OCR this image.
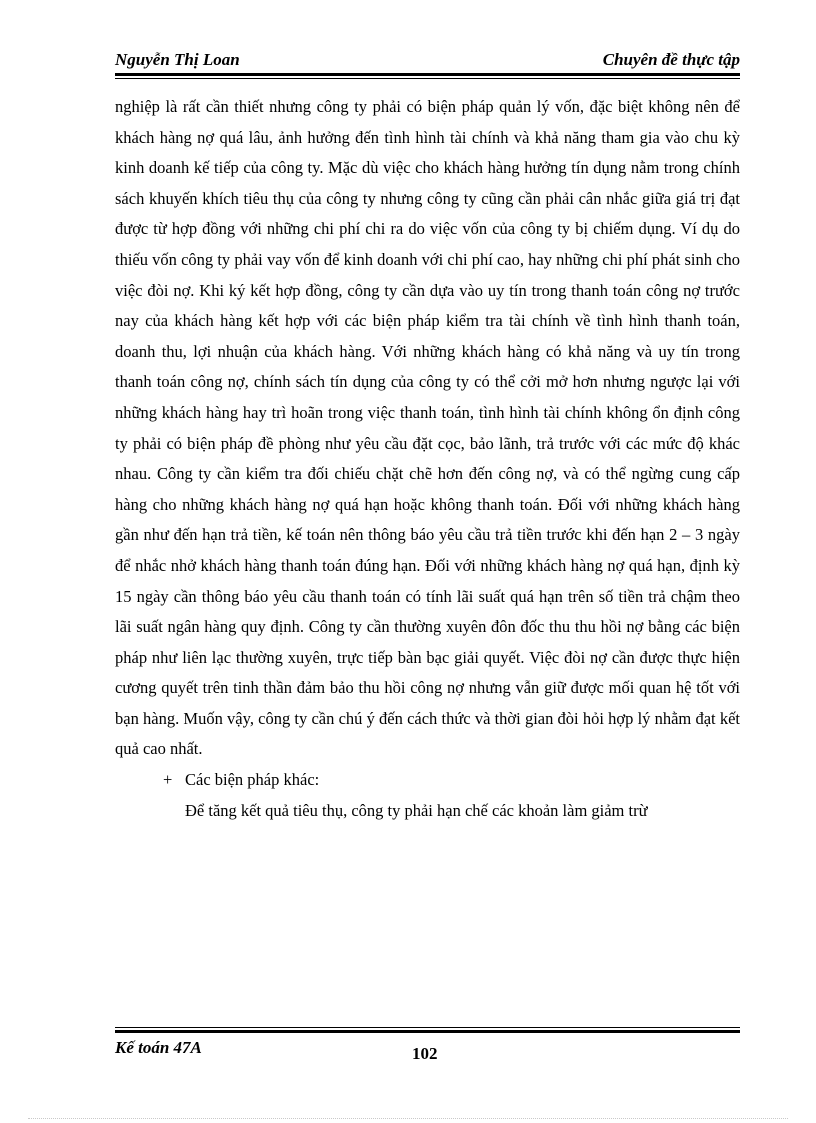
Nguyễn Thị Loan	Chuyên đề thực tập

nghiệp là rất cần thiết nhưng công ty phải có biện pháp quản lý vốn, đặc biệt không nên để khách hàng nợ quá lâu, ảnh hưởng đến tình hình tài chính và khả năng tham gia vào chu kỳ kinh doanh kế tiếp của công ty. Mặc dù việc cho khách hàng hưởng tín dụng nằm trong chính sách khuyến khích tiêu thụ của công ty nhưng công ty cũng cần phải cân nhắc giữa giá trị đạt được từ hợp đồng với những chi phí chi ra do việc vốn của công ty bị chiếm dụng. Ví dụ do thiếu vốn công ty phải vay vốn để kinh doanh với chi phí cao, hay những chi phí phát sinh cho việc đòi nợ. Khi ký kết hợp đồng, công ty cần dựa vào uy tín trong thanh toán công nợ trước nay của khách hàng kết hợp với các biện pháp kiểm tra tài chính về tình hình thanh toán, doanh thu, lợi nhuận của khách hàng. Với những khách hàng có khả năng và uy tín trong thanh toán công nợ, chính sách tín dụng của công ty có thể cởi mở hơn nhưng ngược lại với những khách hàng hay trì hoãn trong việc thanh toán, tình hình tài chính không ổn định công ty phải có biện pháp đề phòng như yêu cầu đặt cọc, bảo lãnh, trả trước với các mức độ khác nhau. Công ty cần kiểm tra đối chiếu chặt chẽ hơn đến công nợ, và có thể ngừng cung cấp hàng cho những khách hàng nợ quá hạn hoặc không thanh toán. Đối với những khách hàng gần như đến hạn trả tiền, kế toán nên thông báo yêu cầu trả tiền trước khi đến hạn 2 – 3 ngày để nhắc nhở khách hàng thanh toán đúng hạn. Đối với những khách hàng nợ quá hạn, định kỳ 15 ngày cần thông báo yêu cầu thanh toán có tính lãi suất quá hạn trên số tiền trả chậm theo lãi suất ngân hàng quy định. Công ty cần thường xuyên đôn đốc thu thu hồi nợ bằng các biện pháp như liên lạc thường xuyên, trực tiếp bàn bạc giải quyết. Việc đòi nợ cần được thực hiện cương quyết trên tinh thần đảm bảo thu hồi công nợ nhưng vẫn giữ được mối quan hệ tốt với bạn hàng. Muốn vậy, công ty cần chú ý đến cách thức và thời gian đòi hỏi hợp lý nhằm đạt kết quả cao nhất.

+ Các biện pháp khác:

Để tăng kết quả tiêu thụ, công ty phải hạn chế các khoản làm giảm trừ

Kế toán 47A	102
